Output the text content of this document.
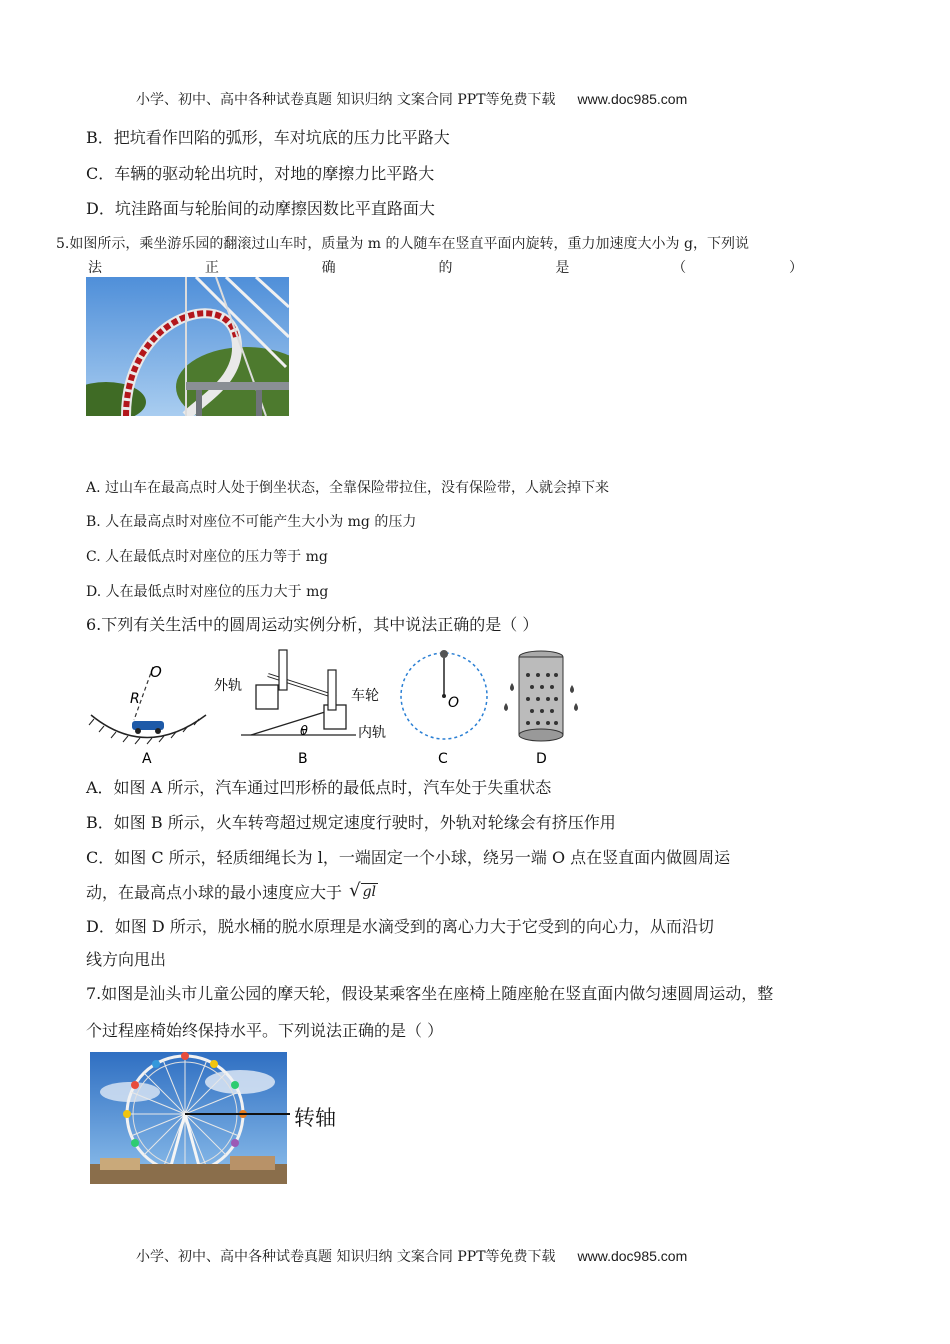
小学、初中、高中各种试卷真题 知识归纳 文案合同 PPT等免费下载 www.doc985.com
B．把坑看作凹陷的弧形，车对坑底的压力比平路大
C．车辆的驱动轮出坑时，对地的摩擦力比平路大
D．坑洼路面与轮胎间的动摩擦因数比平直路面大
5.如图所示，乘坐游乐园的翻滚过山车时，质量为 m 的人随车在竖直平面内旋转，重力加速度大小为 g，下列说
法	正	确	的	是	（	）
A. 过山车在最高点时人处于倒坐状态，全靠保险带拉住，没有保险带，人就会掉下来
B. 人在最高点时对座位不可能产生大小为 mg 的压力
C. 人在最低点时对座位的压力等于 mg
D. 人在最低点时对座位的压力大于 mg
6.下列有关生活中的圆周运动实例分析，其中说法正确的是（ ）
O
R
A
外轨
车轮
内轨
θ
B
O
C	D
A．如图 A 所示，汽车通过凹形桥的最低点时，汽车处于失重状态
B．如图 B 所示，火车转弯超过规定速度行驶时，外轨对轮缘会有挤压作用
C．如图 C 所示，轻质细绳长为 l，一端固定一个小球，绕另一端 O 点在竖直面内做圆周运
动，在最高点小球的最小速度应大于 √ gl
D．如图 D 所示，脱水桶的脱水原理是水滴受到的离心力大于它受到的向心力，从而沿切
线方向甩出
7.如图是汕头市儿童公园的摩天轮，假设某乘客坐在座椅上随座舱在竖直面内做匀速圆周运动，整
个过程座椅始终保持水平。下列说法正确的是（ ）
转轴
小学、初中、高中各种试卷真题 知识归纳 文案合同 PPT等免费下载 www.doc985.com
